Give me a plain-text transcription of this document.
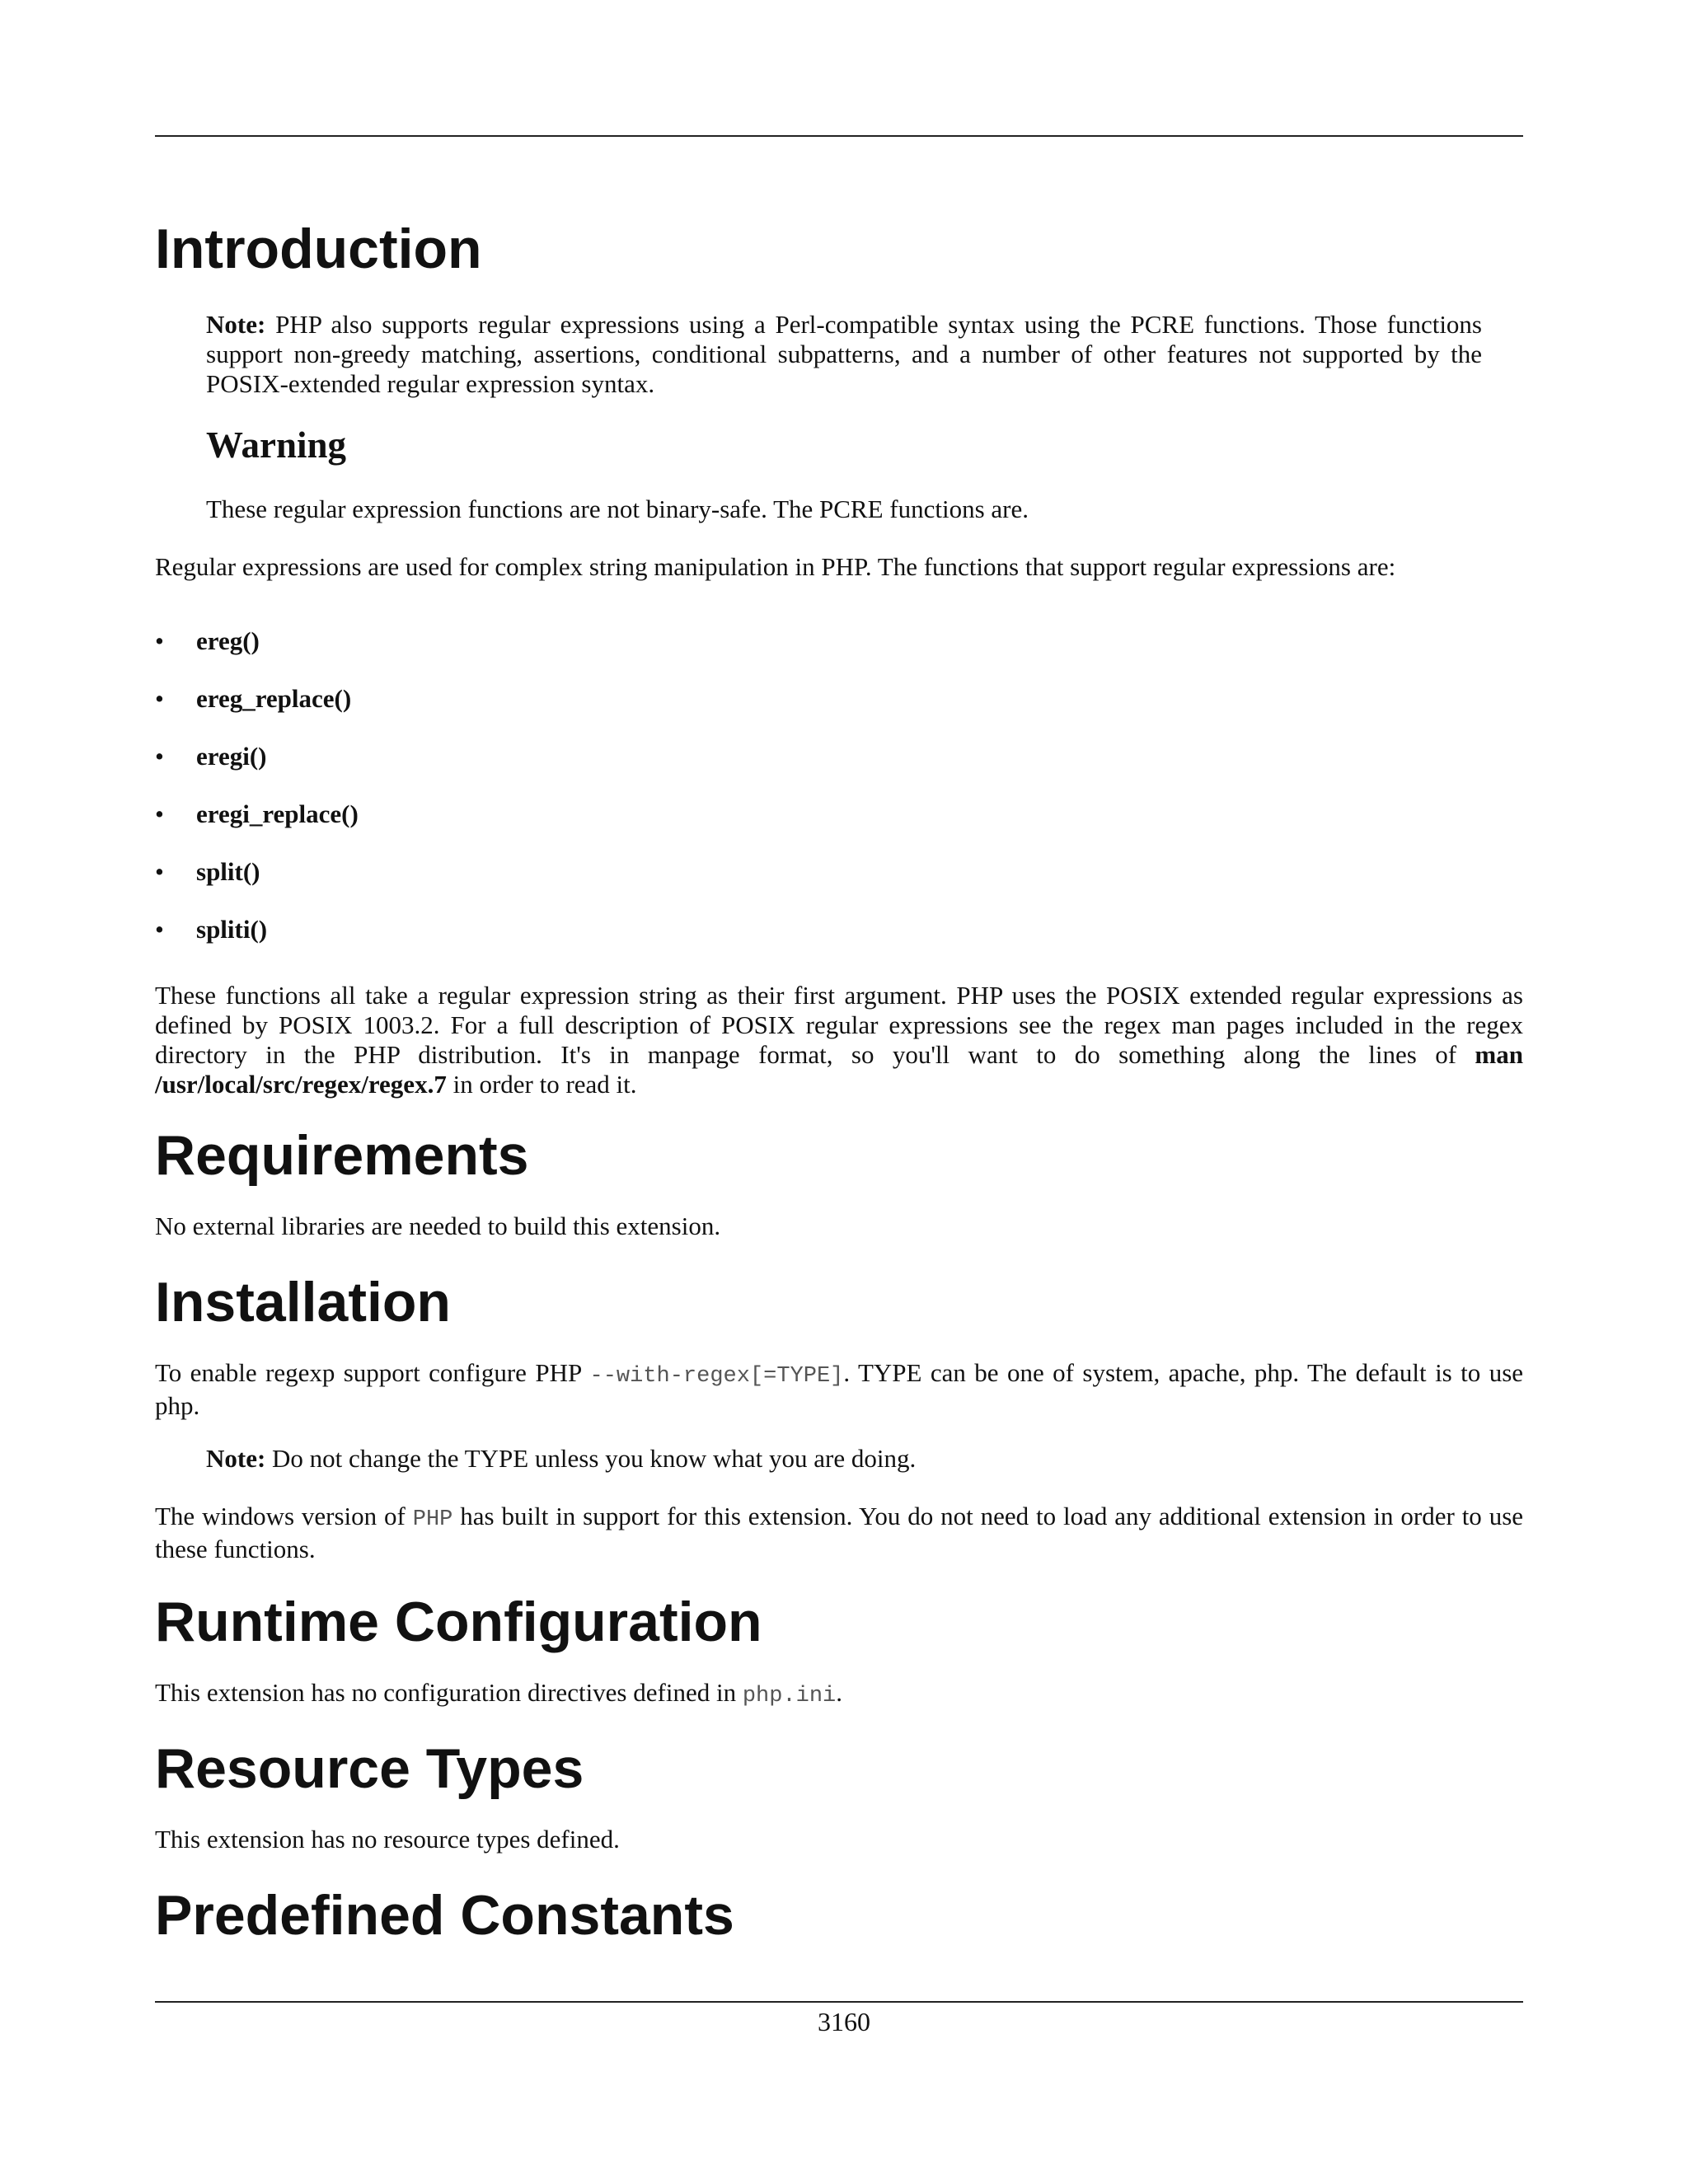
Introduction

Note: PHP also supports regular expressions using a Perl-compatible syntax using the PCRE functions. Those functions support non-greedy matching, assertions, conditional subpatterns, and a number of other features not supported by the POSIX-extended regular expression syntax.

Warning

These regular expression functions are not binary-safe. The PCRE functions are.

Regular expressions are used for complex string manipulation in PHP. The functions that support regular expressions are:

• ereg()
• ereg_replace()
• eregi()
• eregi_replace()
• split()
• spliti()

These functions all take a regular expression string as their first argument. PHP uses the POSIX extended regular expressions as defined by POSIX 1003.2. For a full description of POSIX regular expressions see the regex man pages included in the regex directory in the PHP distribution. It's in manpage format, so you'll want to do something along the lines of man /usr/local/src/regex/regex.7 in order to read it.

Requirements

No external libraries are needed to build this extension.

Installation

To enable regexp support configure PHP --with-regex[=TYPE]. TYPE can be one of system, apache, php. The default is to use php.

Note: Do not change the TYPE unless you know what you are doing.

The windows version of PHP has built in support for this extension. You do not need to load any additional extension in order to use these functions.

Runtime Configuration

This extension has no configuration directives defined in php.ini.

Resource Types

This extension has no resource types defined.

Predefined Constants
3160
